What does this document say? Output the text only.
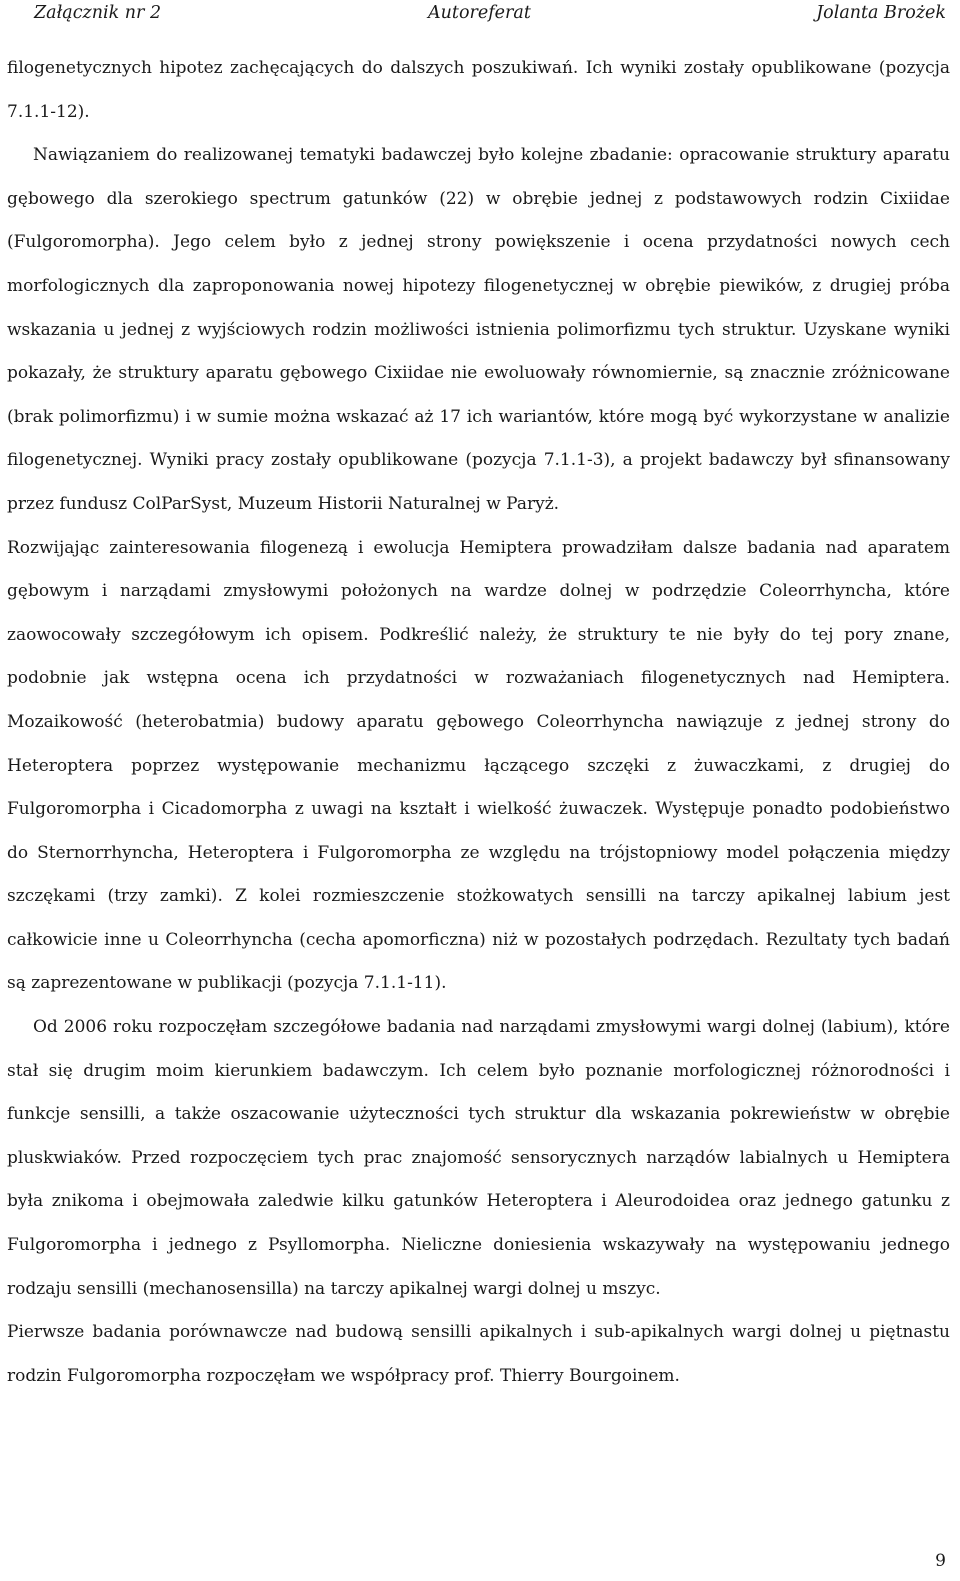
Załącznik nr 2	Autoreferat	Jolanta Brożek

filogenetycznych hipotez zachęcających do dalszych poszukiwań. Ich wyniki zostały opublikowane (pozycja 7.1.1-12).

Nawiązaniem do realizowanej tematyki badawczej było kolejne zbadanie: opracowanie struktury aparatu gębowego dla szerokiego spectrum gatunków (22) w obrębie jednej z podstawowych rodzin Cixiidae (Fulgoromorpha). Jego celem było z jednej strony powiększenie i ocena przydatności nowych cech morfologicznych dla zaproponowania nowej hipotezy filogenetycznej w obrębie piewików, z drugiej próba wskazania u jednej z wyjściowych rodzin możliwości istnienia polimorfizmu tych struktur. Uzyskane wyniki pokazały, że struktury aparatu gębowego Cixiidae nie ewoluowały równomiernie, są znacznie zróżnicowane (brak polimorfizmu) i w sumie można wskazać aż 17 ich wariantów, które mogą być wykorzystane w analizie filogenetycznej. Wyniki pracy zostały opublikowane (pozycja 7.1.1-3), a projekt badawczy był sfinansowany przez fundusz ColParSyst, Muzeum Historii Naturalnej w Paryż.

Rozwijając zainteresowania filogenezą i ewolucja Hemiptera prowadziłam dalsze badania nad aparatem gębowym i narządami zmysłowymi położonych na wardze dolnej w podrzędzie Coleorrhyncha, które zaowocowały szczegółowym ich opisem. Podkreślić należy, że struktury te nie były do tej pory znane, podobnie jak wstępna ocena ich przydatności w rozważaniach filogenetycznych nad Hemiptera. Mozaikowość (heterobatmia) budowy aparatu gębowego Coleorrhyncha nawiązuje z jednej strony do Heteroptera poprzez występowanie mechanizmu łączącego szczęki z żuwaczkami, z drugiej do Fulgoromorpha i Cicadomorpha z uwagi na kształt i wielkość żuwaczek. Występuje ponadto podobieństwo do Sternorrhyncha, Heteroptera i Fulgoromorpha ze względu na trójstopniowy model połączenia między szczękami (trzy zamki). Z kolei rozmieszczenie stożkowatych sensilli na tarczy apikalnej labium jest całkowicie inne u Coleorrhyncha (cecha apomorficzna) niż w pozostałych podrzędach. Rezultaty tych badań są zaprezentowane w publikacji (pozycja 7.1.1-11).

Od 2006 roku rozpoczęłam szczegółowe badania nad narządami zmysłowymi wargi dolnej (labium), które stał się drugim moim kierunkiem badawczym. Ich celem było poznanie morfologicznej różnorodności i funkcje sensilli, a także oszacowanie użyteczności tych struktur dla wskazania pokrewieństw w obrębie pluskwiaków. Przed rozpoczęciem tych prac znajomość sensorycznych narządów labialnych u Hemiptera była znikoma i obejmowała zaledwie kilku gatunków Heteroptera i Aleurodoidea oraz jednego gatunku z Fulgoromorpha i jednego z Psyllomorpha. Nieliczne doniesienia wskazywały na występowaniu jednego rodzaju sensilli (mechanosensilla) na tarczy apikalnej wargi dolnej u mszyc.

Pierwsze badania porównawcze nad budową sensilli apikalnych i sub-apikalnych wargi dolnej u piętnastu rodzin Fulgoromorpha rozpoczęłam we współpracy prof. Thierry Bourgoinem.

9
